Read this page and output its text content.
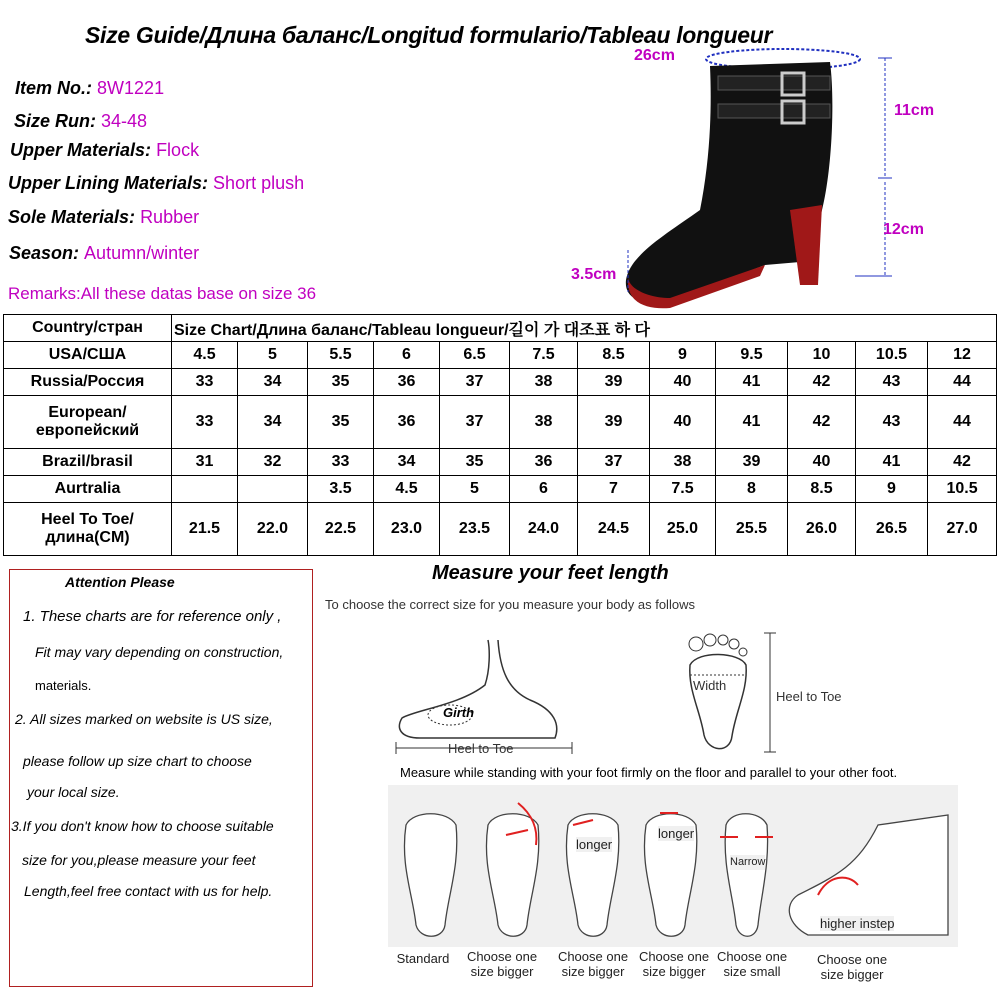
Size Guide/Длина баланс/Longitud formulario/Tableau longueur
Item No.: 8W1221
Size Run: 34-48
Upper Materials: Flock
Upper Lining Materials: Short plush
Sole Materials: Rubber
Season: Autumn/winter
Remarks:All these datas base on size 36
26cm
11cm
12cm
3.5cm
Country/стран	Size Chart/Длина баланс/Tableau longueur/길이 가 대조표 하 다											
USA/США	4.5	5	5.5	6	6.5	7.5	8.5	9	9.5	10	10.5	12
Russia/Россия	33	34	35	36	37	38	39	40	41	42	43	44
European/европейский	33	34	35	36	37	38	39	40	41	42	43	44
Brazil/brasil	31	32	33	34	35	36	37	38	39	40	41	42
Aurtralia			3.5	4.5	5	6	7	7.5	8	8.5	9	10.5
Heel To Toe/длина(CM)	21.5	22.0	22.5	23.0	23.5	24.0	24.5	25.0	25.5	26.0	26.5	27.0

Attention Please

1. These charts are for reference only ,

Fit may vary depending on construction,

materials.

2. All sizes marked on website is US size,

please follow up size chart to choose

your local size.

3.If you don't know how to choose suitable

size for you,please measure your feet

Length,feel free contact with us for help.

Measure your feet length
To choose the correct size for you measure your body as follows
Girth
Heel to Toe
Width
Heel to Toe
Measure while standing with your foot firmly on the floor and parallel to your other foot.
longer
longer
Narrow
higher instep
Standard	Choose one size bigger
Choose one size bigger
Choose one size bigger
Choose one size small
Choose one size bigger
